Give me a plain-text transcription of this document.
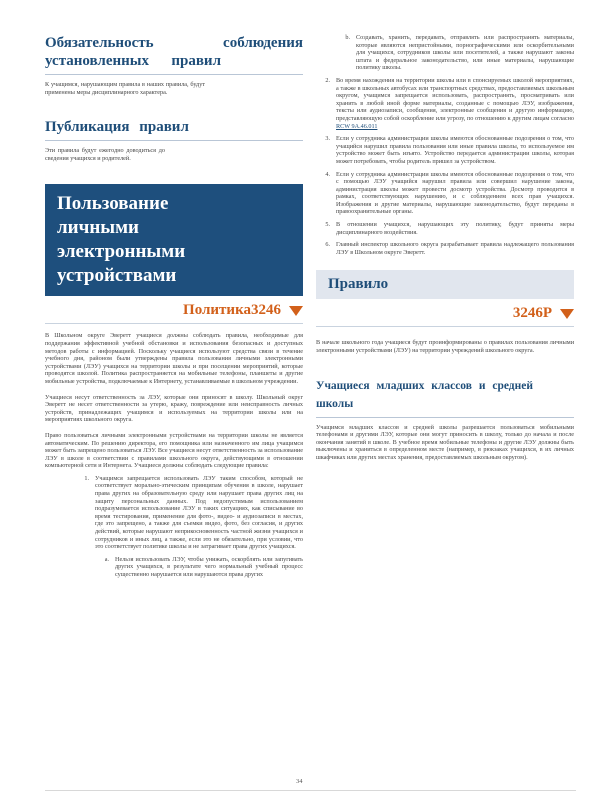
Обязательность соблюдения

установленных правил

К учащимся, нарушающим правила в наших правила, будут применены меры дисциплинарного характера.

Публикация правил

Эти правила будут ежегодно доводиться до сведения учащихся и родителей.

Пользование личными
электронными устройствами
Политика3246

В Школьном округе Эверетт учащиеся должны соблюдать правила, необходимые для поддержания эффективной учебной обстановки и использования безопасных и доступных методов работы с информацией. Поскольку учащиеся используют средства связи в течение учебного дня, районом были утверждены правила пользования личными электронными устройствами (ЛЭУ) учащихся на территории школы и при посещении мероприятий, которые проводятся школой. Политика распространяется на мобильные телефоны, планшеты и другие мобильные устройства, подключаемые к Интернету, устанавливаемые в школьном учреждении.

Учащиеся несут ответственность за ЛЭУ, которые они приносят в школу. Школьный округ Эверетт не несет ответственности за утерю, кражу, повреждение или неисправность личных устройств, принадлежащих учащимся и используемых на территории школы или на мероприятиях школьного округа.

Право пользоваться личными электронными устройствами на территории школы не является автоматическим. По решению директора, его помощника или назначенного им лица учащимся может быть запрещено пользоваться ЛЭУ. Все учащиеся несут ответственность за использование ЛЭУ в школе в соответствии с правилами школьного округа, действующими в отношении компьютерной сети и Интернета. Учащиеся должны соблюдать следующие правила:

1. Учащимся запрещается использовать ЛЭУ таким способом, который не соответствует морально-этическим принципам обучения в школе, нарушает права других на образовательную среду или нарушает права других лиц на защиту персональных данных. Под недопустимым использованием подразумевается использование ЛЭУ в таких ситуациях, как списывание во время тестирования, применение для фото-, видео- и аудиозаписи в местах, где это запрещено, а также для съемки видео, фото, без согласия, и других действий, которые нарушают неприкосновенность частной жизни учащихся и сотрудников и иных лиц, а также, если это не обязательно, при условии, что это соответствует политике школы и не затрагивает права других учащихся.

a. Нельзя использовать ЛЭУ, чтобы унижать, оскорблять или запугивать других учащихся, в результате чего нормальный учебный процесс существенно нарушается или нарушаются права других

b. Создавать, хранить, передавать, отправлять или распространять материалы, которые являются непристойными, порнографическими или оскорбительными для учащихся, сотрудников школы или посетителей, а также нарушают законы штата и федеральное законодательство, или иные материалы, нарушающие политику школы.

2. Во время нахождения на территории школы или в спонсируемых школой мероприятиях, а также в школьных автобусах или транспортных средствах, предоставляемых школьным округом, учащимся запрещается использовать, распространять, просматривать или хранить в любой иной форме материалы, созданные с помощью ЛЭУ, изображения, тексты или аудиозаписи, сообщения, электронные сообщения и другую информацию, представляющую собой оскорбление или угрозу, по отношению к другим лицам согласно RCW 9A.46.011

3. Если у сотрудника администрации школы имеются обоснованные подозрения о том, что учащийся нарушил правила пользования или иные правила школы, то используемое им устройство может быть изъято. Устройство передается администрации школы, которая может потребовать, чтобы родитель пришел за устройством.

4. Если у сотрудника администрации школы имеются обоснованные подозрения о том, что с помощью ЛЭУ учащийся нарушил правила или совершил нарушение закона, администрация школы может провести досмотр устройства. Досмотр проводится в рамках, соответствующих нарушению, и с соблюдением всех прав учащихся. Изображения и другие материалы, нарушающие законодательство, будут переданы в правоохранительные органы.

5. В отношении учащихся, нарушающих эту политику, будут приняты меры дисциплинарного воздействия.

6. Главный инспектор школьного округа разрабатывает правила надлежащего пользования ЛЭУ в Школьном округе Эверетт.

Правило
3246Р

В начале школьного года учащиеся будут проинформированы о правилах пользования личными электронными устройствами (ЛЭУ) на территории учреждений школьного округа.

Учащиеся младших классов и средней школы

Учащимся младших классов и средней школы разрешается пользоваться мобильными телефонами и другими ЛЭУ, которые они могут приносить в школу, только до начала и после окончания занятий в школе. В учебное время мобильные телефоны и другие ЛЭУ должны быть выключены и храниться в определенном месте (например, в рюкзаках учащихся, в их личных шкафчиках или других местах хранения, предоставляемых школьным округом).

34
